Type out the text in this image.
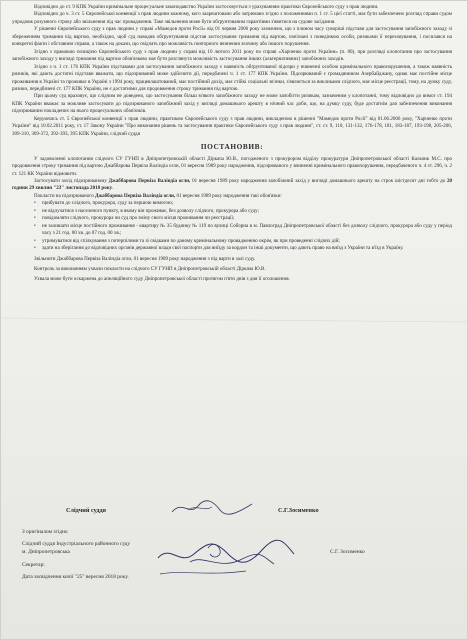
Відповідно до ст. 9 КПК України кримінальне процесуальне законодавство України застосовується з урахуванням практики Європейського суду з прав людини.

Відповідно до ч. 3 ст. 5 Європейської конвенції з прав людини кожному, кого заарештовано або затримано згідно з положеннями п. 1 ст. 5 цієї статті, має бути забезпечено розгляд справи судом упродовж розумного строку або звільнення під час провадження. Таке звільнення може бути обґрунтованим гарантіями з'явитися на судове засідання.

У рішенні Європейського суду з прав людини у справі «Мамедов проти Росії» від 01 червня 2006 року зазначено, що з плином часу суворіші підстави для застосування запобіжного заходу зі збереженням тримання під вартою, необхідно, щоб суд наводив обґрунтування підстав застосування тримання під вартою, пов'язані з поведінкою особи, ризиками її переховування, і посилався на конкретні факти і обставини справи, а також на докази, що свідчать про можливість повторного вчинення злочину або іншого порушення.

Згідно з правовою позицією Європейського суду з прав людини у справі від 10 лютого 2011 року по справі «Харченко проти України» (п. 80), при розгляді клопотання про застосування запобіжного заходу у вигляді тримання під вартою обов'язково має бути розглянута можливість застосування інших (альтернативних) запобіжних заходів.

Згідно з ч. 1 ст. 176 КПК України підставами для застосування запобіжного заходу є наявність обґрунтованої підозри у вчиненні особою кримінального правопорушення, а також наявність ризиків, які дають достатні підстави вважати, що підозрюваний може здійснити дії, передбачені ч. 1 ст. 177 КПК України. Підозрюваний є громадянином Азербайджану, однак має постійне місце проживання в Україні та проживає в Україні з 1994 року, працевлаштований, має постійний дохід, має стійкі соціальні зв'язки, з'являється за викликами слідчого, має місце реєстрації, тому, на думку суду, ризики, передбачені ст. 177 КПК України, не є достатніми для продовження строку тримання під вартою.

При цьому суд враховує, що слідчим не доведено, що застосування більш м'якого запобіжного заходу не може запобігти ризикам, зазначеним у клопотанні, тому відповідно до вимог ст. 194 КПК України вважає за можливе застосувати до підозрюваного запобіжний захід у вигляді домашнього арешту в нічний час доби, що, на думку суду, буде достатнім для забезпечення виконання підозрюваним покладених на нього процесуальних обов'язків.

Керуючись ст. 5 Європейської конвенції з прав людини, практикою Європейського суду з прав людини, викладеною в рішенні "Мамедов проти Росії" від 01.06.2006 року, "Харченко проти України" від 10.02.2011 року, ст. 17 Закону України "Про виконання рішень та застосування практики Європейського суду з прав людини", ст. ст. 9, 110, 131-132, 176-178, 181, 183-187, 193-198, 205-206, 309-310, 369-372, 392-393, 395 КПК України, слідчий суддя

ПОСТАНОВИВ:

У задоволенні клопотання слідчого СУ ГУНП в Дніпропетровській області Діркача Ю.В., погодженого з прокурором відділу прокуратури Дніпропетровської області Кальчик М.С. про продовження строку тримання під вартою Джаббарова Первіза Валіндіа огли, 01 вересня 1989 року народження, підозрюваного у вчиненні кримінального правопорушення, передбаченого ч. 4 ст. 296, ч. 2 ст. 121 КК України відмовити.

Застосувати захід підозрюваному Джаббарова Первіза Валіндіа огли, 01 вересня 1989 року народження запобіжний захід у вигляді домашнього арешту на строк шістдесят дні тобто до 20 години 29 хвилин "23" листопада 2018 року.

Покласти на підозрюваного Джаббарова Первіза Валіндіа огли, 01 вересня 1989 року народження такі обов'язки:

• прибувати до слідчого, прокурора, суду за першою вимогою;
• не відлучатися з населеного пункту, в якому він проживає, без дозволу слідчого, прокурора або суду;
• повідомляти слідчого, прокурора чи суд про зміну свого місця проживання чи реєстрації;
• не залишати місце постійного проживання - квартиру № 35 будинку № 119 по вулиці Соборна в м. Павлоград Дніпропетровської області без дозволу слідчого, прокурора або суду у період часу з 21 год. 00 хв. до 07 год. 00 хв.;
• утримуватися від спілкування з потерпілими та зі свідками по даному кримінальному провадженню окрім, як при проведенні слідчих дій;
• здати на зберігання до відповідних органів державної влади свої паспорти для виїзду за кордон та інші документи, що дають право на виїзд з України та в'їзд в Україну.

Звільнити Джаббарова Первіза Валіндіа огли, 01 вересня 1989 року народження з під варти в залі суду.

Контроль за виконанням ухвали покласти на слідчого СУ ГУНП в Дніпропетровській області Діркача Ю.В.

Ухвала може бути оскаржена до апеляційного суду Дніпропетровської області протягом п'яти днів з дня її оголошення.

Слідчий суддя	С.Г.Зосименко
З оригіналом згідно
Слідчий суддя Індустріального районного суду
м. Дніпропетровська	С.Г. Зосименко
Секретар:
Дата засвідчення копії "25" вересня 2018 року.
